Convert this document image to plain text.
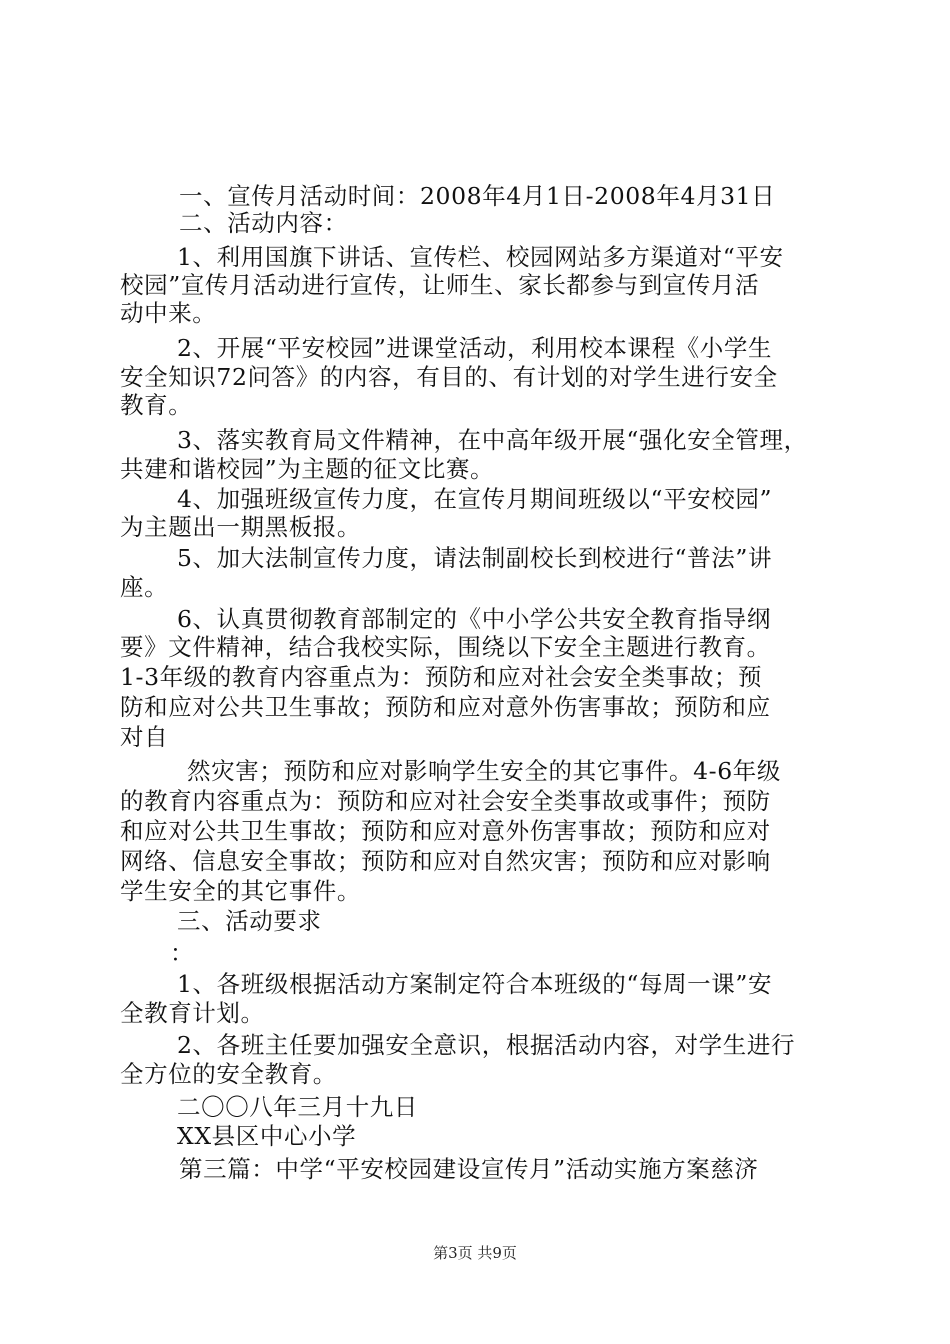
一、宣传月活动时间：2008年4月1日-2008年4月31日

二、活动内容：

1、利用国旗下讲话、宣传栏、校园网站多方渠道对“平安

校园”宣传月活动进行宣传，让师生、家长都参与到宣传月活

动中来。

2、开展“平安校园”进课堂活动，利用校本课程《小学生

安全知识72问答》的内容，有目的、有计划的对学生进行安全

教育。

3、落实教育局文件精神，在中高年级开展“强化安全管理，

共建和谐校园”为主题的征文比赛。

4、加强班级宣传力度，在宣传月期间班级以“平安校园”

为主题出一期黑板报。

5、加大法制宣传力度，请法制副校长到校进行“普法”讲

座。

6、认真贯彻教育部制定的《中小学公共安全教育指导纲

要》文件精神，结合我校实际，围绕以下安全主题进行教育。

1-3年级的教育内容重点为：预防和应对社会安全类事故；预

防和应对公共卫生事故；预防和应对意外伤害事故；预防和应

对自

然灾害；预防和应对影响学生安全的其它事件。4-6年级

的教育内容重点为：预防和应对社会安全类事故或事件；预防

和应对公共卫生事故；预防和应对意外伤害事故；预防和应对

网络、信息安全事故；预防和应对自然灾害；预防和应对影响

学生安全的其它事件。

三、活动要求

：

1、各班级根据活动方案制定符合本班级的“每周一课”安

全教育计划。

2、各班主任要加强安全意识，根据活动内容，对学生进行

全方位的安全教育。

二〇〇八年三月十九日

XX县区中心小学

第三篇：中学“平安校园建设宣传月”活动实施方案慈济

第3页 共9页
